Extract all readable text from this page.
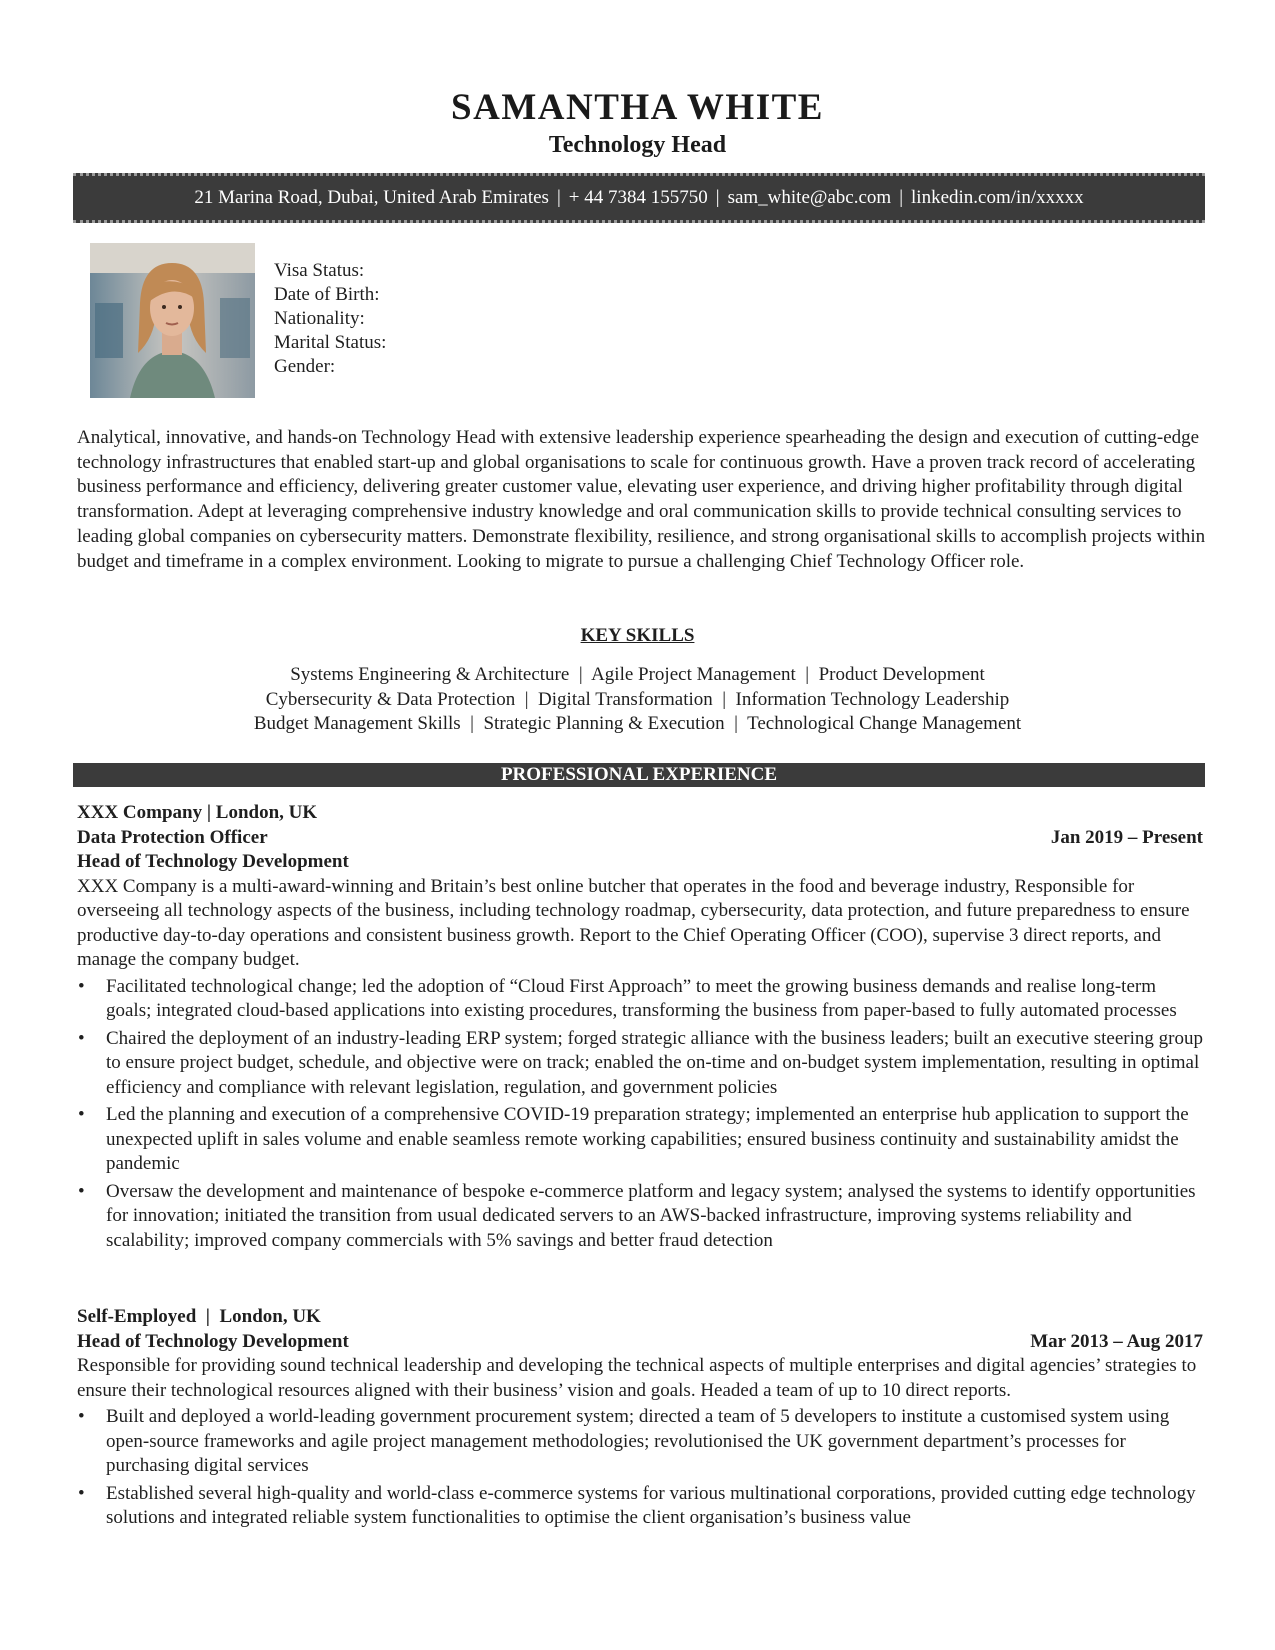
SAMANTHA WHITE
Technology Head
21 Marina Road, Dubai, United Arab Emirates | + 44 7384 155750 | sam_white@abc.com | linkedin.com/in/xxxxx
Visa Status:
Date of Birth:
Nationality:
Marital Status:
Gender:

Analytical, innovative, and hands-on Technology Head with extensive leadership experience spearheading the design and execution of cutting-edge technology infrastructures that enabled start-up and global organisations to scale for continuous growth. Have a proven track record of accelerating business performance and efficiency, delivering greater customer value, elevating user experience, and driving higher profitability through digital transformation. Adept at leveraging comprehensive industry knowledge and oral communication skills to provide technical consulting services to leading global companies on cybersecurity matters. Demonstrate flexibility, resilience, and strong organisational skills to accomplish projects within budget and timeframe in a complex environment. Looking to migrate to pursue a challenging Chief Technology Officer role.

KEY SKILLS
Systems Engineering & Architecture  |  Agile Project Management  |  Product Development
Cybersecurity & Data Protection  |  Digital Transformation  |  Information Technology Leadership
Budget Management Skills  |  Strategic Planning & Execution  |  Technological Change Management
PROFESSIONAL EXPERIENCE
XXX Company | London, UK
Data Protection Officer	Jan 2019 – Present
Head of Technology Development

XXX Company is a multi-award-winning and Britain’s best online butcher that operates in the food and beverage industry, Responsible for overseeing all technology aspects of the business, including technology roadmap, cybersecurity, data protection, and future preparedness to ensure productive day-to-day operations and consistent business growth. Report to the Chief Operating Officer (COO), supervise 3 direct reports, and manage the company budget.

• Facilitated technological change; led the adoption of “Cloud First Approach” to meet the growing business demands and realise long-term goals; integrated cloud-based applications into existing procedures, transforming the business from paper-based to fully automated processes
• Chaired the deployment of an industry-leading ERP system; forged strategic alliance with the business leaders; built an executive steering group to ensure project budget, schedule, and objective were on track; enabled the on-time and on-budget system implementation, resulting in optimal efficiency and compliance with relevant legislation, regulation, and government policies
• Led the planning and execution of a comprehensive COVID-19 preparation strategy; implemented an enterprise hub application to support the unexpected uplift in sales volume and enable seamless remote working capabilities; ensured business continuity and sustainability amidst the pandemic
• Oversaw the development and maintenance of bespoke e-commerce platform and legacy system; analysed the systems to identify opportunities for innovation; initiated the transition from usual dedicated servers to an AWS-backed infrastructure, improving systems reliability and scalability; improved company commercials with 5% savings and better fraud detection
Self-Employed  |  London, UK
Head of Technology Development	Mar 2013 – Aug 2017

Responsible for providing sound technical leadership and developing the technical aspects of multiple enterprises and digital agencies’ strategies to ensure their technological resources aligned with their business’ vision and goals. Headed a team of up to 10 direct reports.

• Built and deployed a world-leading government procurement system; directed a team of 5 developers to institute a customised system using open-source frameworks and agile project management methodologies; revolutionised the UK government department’s processes for purchasing digital services
• Established several high-quality and world-class e-commerce systems for various multinational corporations, provided cutting edge technology solutions and integrated reliable system functionalities to optimise the client organisation’s business value
